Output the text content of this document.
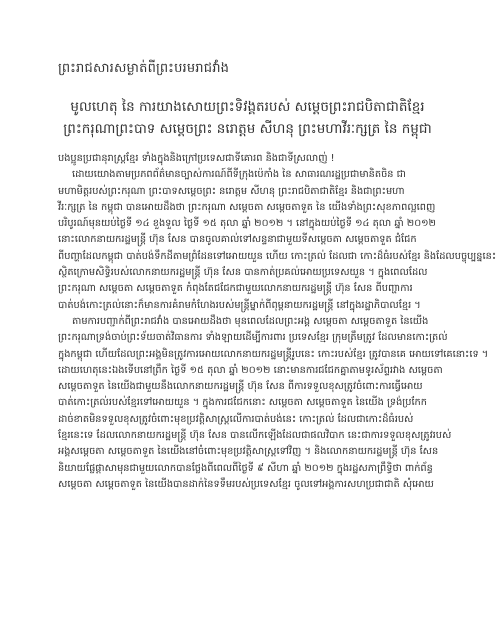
ព្រះរាជសារសម្ងាត់ពីព្រះបរមរាជវាំង
មូលហេតុ នៃ ការយាងសោយព្រះទិវង្គតរបស់ សម្តេចព្រះរាជបិតាជាតិខ្មែរ
ព្រះករុណាព្រះបាទ សម្តេចព្រះ នរោត្តម សីហនុ ព្រះមហាវីរៈក្សត្រ នៃ កម្ពុជា
បងប្អូនប្រជានុរាស្ត្រខ្មែរ ទាំងក្នុងនិងក្រៅប្រទេសជាទីគោរព និងជាទីស្រលាញ់ !
ដោយយោងតាមប្រភពព័ត៌មានច្បាស់ការណ៍ពីទីក្រុងប៉េកាំង នៃ សាធារណរដ្ឋប្រជាមានិតចិន ជា
មហាមិត្តរបស់ព្រះករុណា ព្រះបាទសម្តេចព្រះ នរោត្តម សីហនុ ព្រះរាជបិតាជាតិខ្មែរ និងជាព្រះមហា
វីរៈក្សត្រ នៃ កម្ពុជា បានអោយដឹងថា ព្រះករុណា សម្តេចតា សម្តេចតាទួត នៃ យើងទាំងព្រះសុខភាពល្អពេញ
បរិបូរណ៍មុនយប់ថ្ងៃទី ១៤ ខួងទួល ថ្ងៃទី ១៥ តុលា ឆ្នាំ ២០១២ ។ នៅក្នុងយប់ថ្ងៃទី ១៤ តុលា ឆ្នាំ ២០១២
នោះលោកនាយករដ្ឋមន្ត្រី ហ៊ុន សែន បានចូលគាល់ទៅសន្ទនាជាមួយទីសម្តេចតា សម្តេចតាទួត ជំជែក
ពីបញ្ហាដែលកម្ពុជា បាត់បង់ទឹកដីតាមព្រំដែនទៅអោយយួន ហើយ កោះត្រល់ ដែលជា កោះដ៏ធំរបស់ខ្មែរ និងដែលបច្ចុប្បន្ននេះ
ស្ថិតក្រោមសិទ្ធិរបស់លោកនាយករដ្ឋមន្ត្រី ហ៊ុន សែន បានកាត់ប្រគល់អោយប្រទេសយួន ។ ក្នុងពេលដែល
ព្រះករុណា សម្តេចតា សម្តេចតាទួត កំពុងតែជជែកជាមួយលោកនាយករដ្ឋមន្ត្រី ហ៊ុន សែន ពីបញ្ហាការ
បាត់បង់កោះត្រល់នោះក៏មានការគំរាមកំហែងរបស់មន្ត្រីម្នាក់ពីពុម្ពនាយករដ្ឋមន្ត្រី នៅក្នុងរដ្ឋាភិបាលខ្មែរ ។
តាមការបញ្ជាក់ពីព្រះរាជវាំង បានអោយដឹងថា មុនពេលដែលព្រះអង្គ សម្តេចតា សម្តេចតាទួត នៃយើង
ព្រះករុណាទ្រង់ចាប់ព្រះទ័យចាត់វិធានការ ទាំងឡាយដើម្បីការពារ ប្រទេសខ្មែរ ក្រុមត្រឹមត្រូវ ដែលមានកោះត្រល់
ក្នុងកម្ពុជា ហើយដែលព្រះអង្គមិនត្រូវការអោយលោកនាយករដ្ឋមន្ត្រីរូបនេះ កោះរបស់ខ្មែរ ត្រូវបានគេ អោយទៅគេនោះទេ ។
ដោយហេតុនេះឯងទើបនៅព្រឹក ថ្ងៃទី ១៥ តុលា ឆ្នាំ ២០១២ នោះមានការជជែកគ្នាតាមទូរស័ព្ទរវាង សម្តេចតា
សម្តេចតាទួត នៃយើងជាមួយនឹងលោកនាយករដ្ឋមន្ត្រី ហ៊ុន សែន ពីការទទួលខុសត្រូវចំពោះការធ្វើអោយ
បាត់កោះត្រល់របស់ខ្មែរទៅអោយយួន ។ ក្នុងការជជែកនោះ សម្តេចតា សម្តេចតាទួត នៃយើង ទ្រង់ប្រកែក
ដាច់ខាតមិនទទួលខុសត្រូវចំពោះមុខប្រវត្តិសាស្ត្រលើការបាត់បង់នេះ កោះត្រល់ ដែលជាកោះដ៏ធំរបស់
ខ្មែរនេះទេ ដែលលោកនាយករដ្ឋមន្ត្រី ហ៊ុន សែន បានលើកឡើងដែលជាផលវិបាក នេះជាការទទួលខុសត្រូវរបស់
អង្គសម្តេចតា សម្តេចតាទួត នៃយើងនៅចំពោះមុខប្រវត្តិសាស្ត្រទៅវិញ ។ និងលោកនាយករដ្ឋមន្ត្រី ហ៊ុន សែន
និយាយផ្លែផ្ដាសាមុនជាមួយលោកបានថ្លែងពីពេលពីថ្ងៃទី ៩ សីហា ឆ្នាំ ២០១២ ក្នុងរដ្ឋសភាព្រឹទ្ធិថា ពាក់ព័ន្ធ
សម្តេចតា សម្តេចតាទួត នៃយើងបានដាក់នៃទទឹមរបស់ប្រទេសខ្មែរ ចូលទៅអង្គការសហប្រជាជាតិ សុំអោយ
